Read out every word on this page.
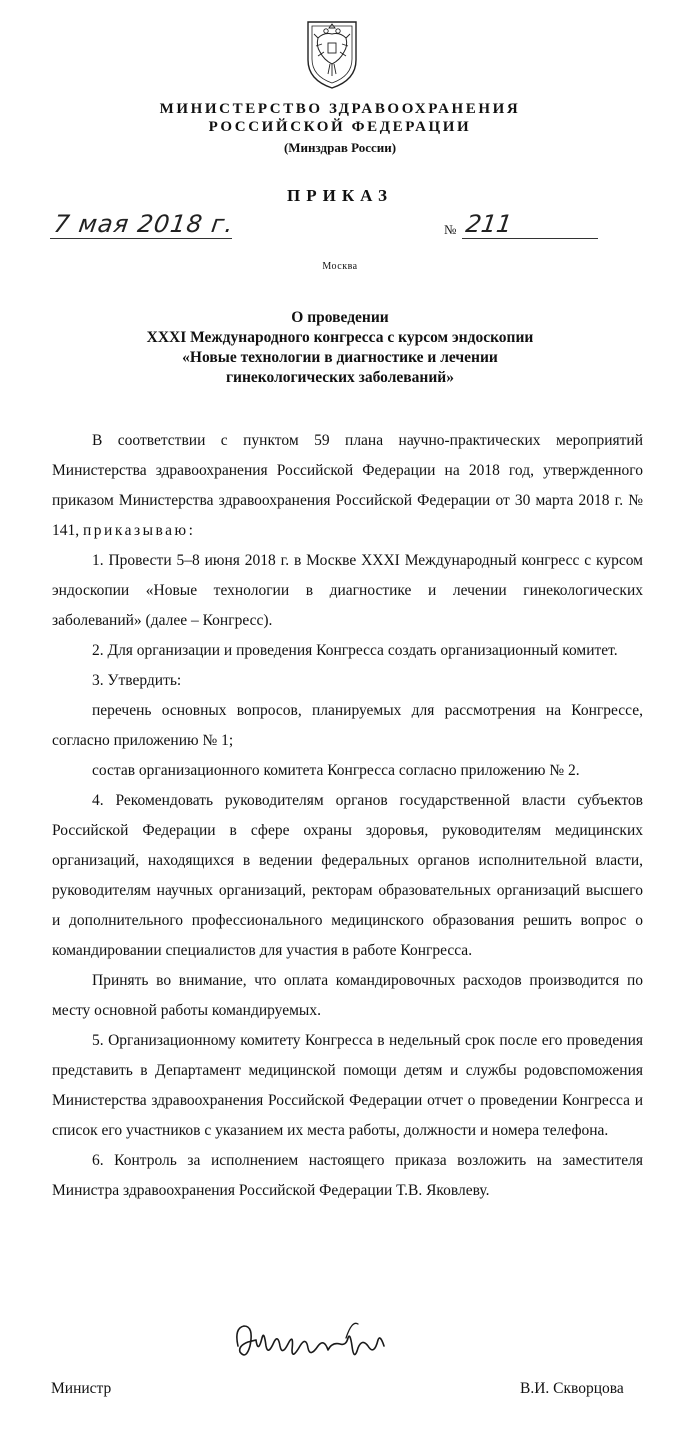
МИНИСТЕРСТВО ЗДРАВООХРАНЕНИЯ
РОССИЙСКОЙ ФЕДЕРАЦИИ
(Минздрав России)
ПРИКАЗ
7 мая 2018 г.	№ 211
Москва
О проведении
XXXI Международного конгресса с курсом эндоскопии
«Новые технологии в диагностике и лечении
гинекологических заболеваний»

В соответствии с пунктом 59 плана научно-практических мероприятий Министерства здравоохранения Российской Федерации на 2018 год, утвержденного приказом Министерства здравоохранения Российской Федерации от 30 марта 2018 г. № 141, приказываю:

1. Провести 5–8 июня 2018 г. в Москве XXXI Международный конгресс с курсом эндоскопии «Новые технологии в диагностике и лечении гинекологических заболеваний» (далее – Конгресс).

2. Для организации и проведения Конгресса создать организационный комитет.

3. Утвердить:

перечень основных вопросов, планируемых для рассмотрения на Конгрессе, согласно приложению № 1;

состав организационного комитета Конгресса согласно приложению № 2.

4. Рекомендовать руководителям органов государственной власти субъектов Российской Федерации в сфере охраны здоровья, руководителям медицинских организаций, находящихся в ведении федеральных органов исполнительной власти, руководителям научных организаций, ректорам образовательных организаций высшего и дополнительного профессионального медицинского образования решить вопрос о командировании специалистов для участия в работе Конгресса.

Принять во внимание, что оплата командировочных расходов производится по месту основной работы командируемых.

5. Организационному комитету Конгресса в недельный срок после его проведения представить в Департамент медицинской помощи детям и службы родовспоможения Министерства здравоохранения Российской Федерации отчет о проведении Конгресса и список его участников с указанием их места работы, должности и номера телефона.

6. Контроль за исполнением настоящего приказа возложить на заместителя Министра здравоохранения Российской Федерации Т.В. Яковлеву.

Министр	В.И. Скворцова
